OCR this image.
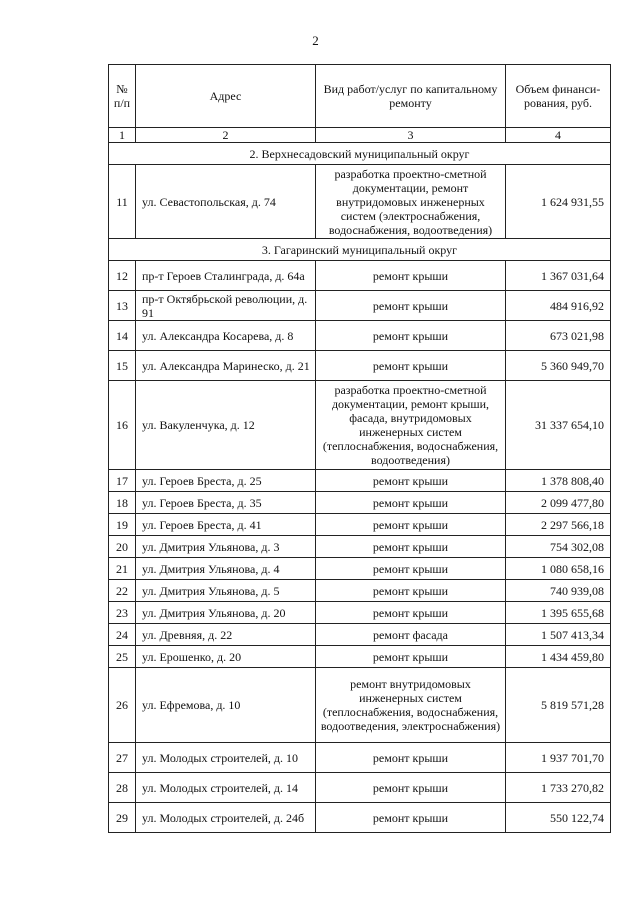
2
№ п/п	Адрес	Вид работ/услуг по капитальному ремонту	Объем финанси-рования, руб.
1	2	3	4
2. Верхнесадовский муниципальный округ			
11	ул. Севастопольская, д. 74	разработка проектно-сметной документации, ремонт внутридомовых инженерных систем (электроснабжения, водоснабжения, водоотведения)	1 624 931,55
3. Гагаринский муниципальный округ			
12	пр-т Героев Сталинграда, д. 64а	ремонт крыши	1 367 031,64
13	пр-т Октябрьской революции, д. 91	ремонт крыши	484 916,92
14	ул. Александра Косарева, д. 8	ремонт крыши	673 021,98
15	ул. Александра Маринеско, д. 21	ремонт крыши	5 360 949,70
16	ул. Вакуленчука, д. 12	разработка проектно-сметной документации, ремонт крыши, фасада, внутридомовых инженерных систем (теплоснабжения, водоснабжения, водоотведения)	31 337 654,10
17	ул. Героев Бреста, д. 25	ремонт крыши	1 378 808,40
18	ул. Героев Бреста, д. 35	ремонт крыши	2 099 477,80
19	ул. Героев Бреста, д. 41	ремонт крыши	2 297 566,18
20	ул. Дмитрия Ульянова, д. 3	ремонт крыши	754 302,08
21	ул. Дмитрия Ульянова, д. 4	ремонт крыши	1 080 658,16
22	ул. Дмитрия Ульянова, д. 5	ремонт крыши	740 939,08
23	ул. Дмитрия Ульянова, д. 20	ремонт крыши	1 395 655,68
24	ул. Древняя, д. 22	ремонт фасада	1 507 413,34
25	ул. Ерошенко, д. 20	ремонт крыши	1 434 459,80
26	ул. Ефремова, д. 10	ремонт внутридомовых инженерных систем (теплоснабжения, водоснабжения, водоотведения, электроснабжения)	5 819 571,28
27	ул. Молодых строителей, д. 10	ремонт крыши	1 937 701,70
28	ул. Молодых строителей, д. 14	ремонт крыши	1 733 270,82
29	ул. Молодых строителей, д. 24б	ремонт крыши	550 122,74
